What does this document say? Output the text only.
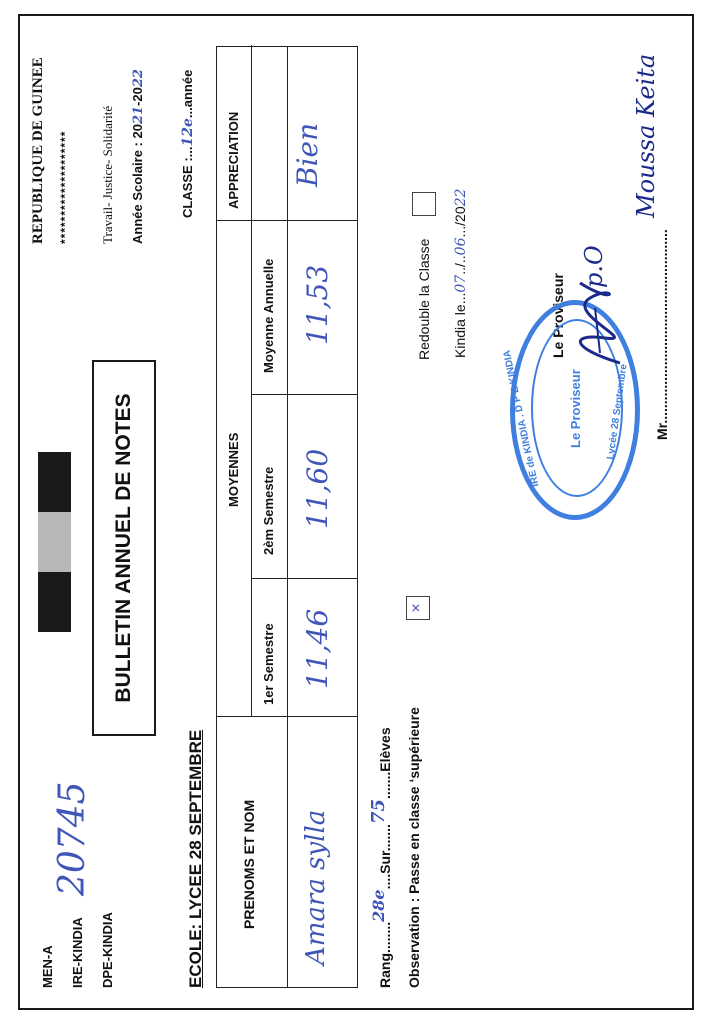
MEN-A IRE-KINDIA DPE-KINDIA
20745
BULLETIN ANNUEL DE NOTES
REPUBLIQUE DE GUINEE ******************** Travail- Justice- Solidarité Année Scolaire : 2021-2022
CLASSE :...12e...année
ECOLE: LYCEE 28 SEPTEMBRE	PRENOMS ET NOM
MOYENNES
1er Semestre
2èm Semestre
Moyenne Annuelle
APPRECIATION
Amara sylla
11,46
11,60
11,53
Bien
Rang........28e....Sur.......75.......Elèves Observation : Passe en classe ‘supérieure
×
Redouble la Classe Kindia le...07../..06.../2022
Le Proviseur
IRE de KINDIA . D P E KINDIA Le Proviseur Lycée 28 Septembre
p.O
Moussa Keita
Mr..................................................
